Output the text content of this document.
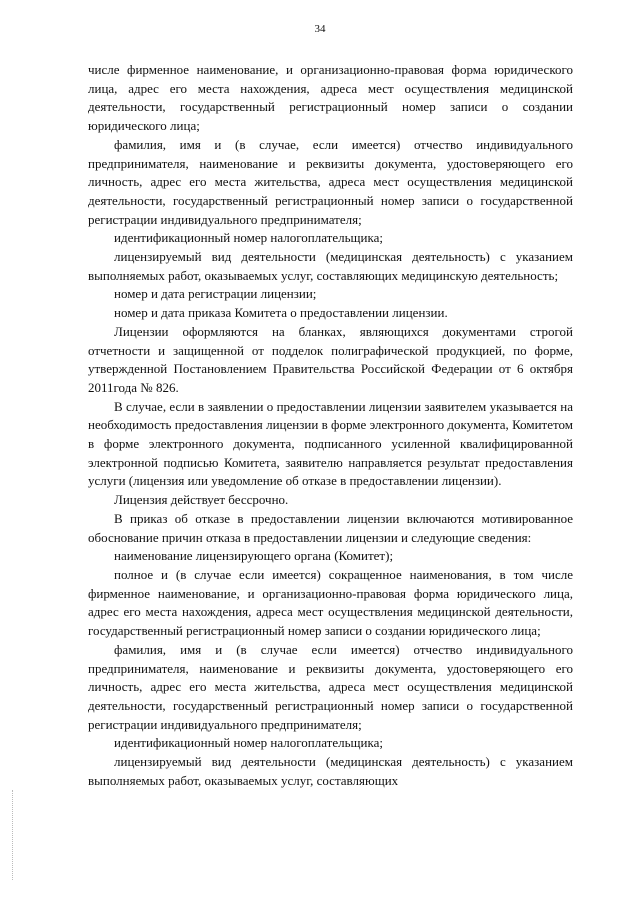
34

числе фирменное наименование, и организационно-правовая форма юридического лица, адрес его места нахождения, адреса мест осуществления медицинской деятельности, государственный регистрационный номер записи о создании юридического лица;

фамилия, имя и (в случае, если имеется) отчество индивидуального предпринимателя, наименование и реквизиты документа, удостоверяющего его личность, адрес его места жительства, адреса мест осуществления медицинской деятельности, государственный регистрационный номер записи о государственной регистрации индивидуального предпринимателя;

идентификационный номер налогоплательщика;

лицензируемый вид деятельности (медицинская деятельность) с указанием выполняемых работ, оказываемых услуг, составляющих медицинскую деятельность;

номер и дата регистрации лицензии;

номер и дата приказа Комитета о предоставлении лицензии.

Лицензии оформляются на бланках, являющихся документами строгой отчетности и защищенной от подделок полиграфической продукцией, по форме, утвержденной Постановлением Правительства Российской Федерации от 6 октября 2011года № 826.

В случае, если в заявлении о предоставлении лицензии заявителем указывается на необходимость предоставления лицензии в форме электронного документа, Комитетом в форме электронного документа, подписанного усиленной квалифицированной электронной подписью Комитета, заявителю направляется результат предоставления услуги (лицензия или уведомление об отказе в предоставлении лицензии).

Лицензия действует бессрочно.

В приказ об отказе в предоставлении лицензии включаются мотивированное обоснование причин отказа в предоставлении лицензии и следующие сведения:

наименование лицензирующего органа (Комитет);

полное и (в случае если имеется) сокращенное наименования, в том числе фирменное наименование, и организационно-правовая форма юридического лица, адрес его места нахождения, адреса мест осуществления медицинской деятельности, государственный регистрационный номер записи о создании юридического лица;

фамилия, имя и (в случае если имеется) отчество индивидуального предпринимателя, наименование и реквизиты документа, удостоверяющего его личность, адрес его места жительства, адреса мест осуществления медицинской деятельности, государственный регистрационный номер записи о государственной регистрации индивидуального предпринимателя;

идентификационный номер налогоплательщика;

лицензируемый вид деятельности (медицинская деятельность) с указанием выполняемых работ, оказываемых услуг, составляющих
